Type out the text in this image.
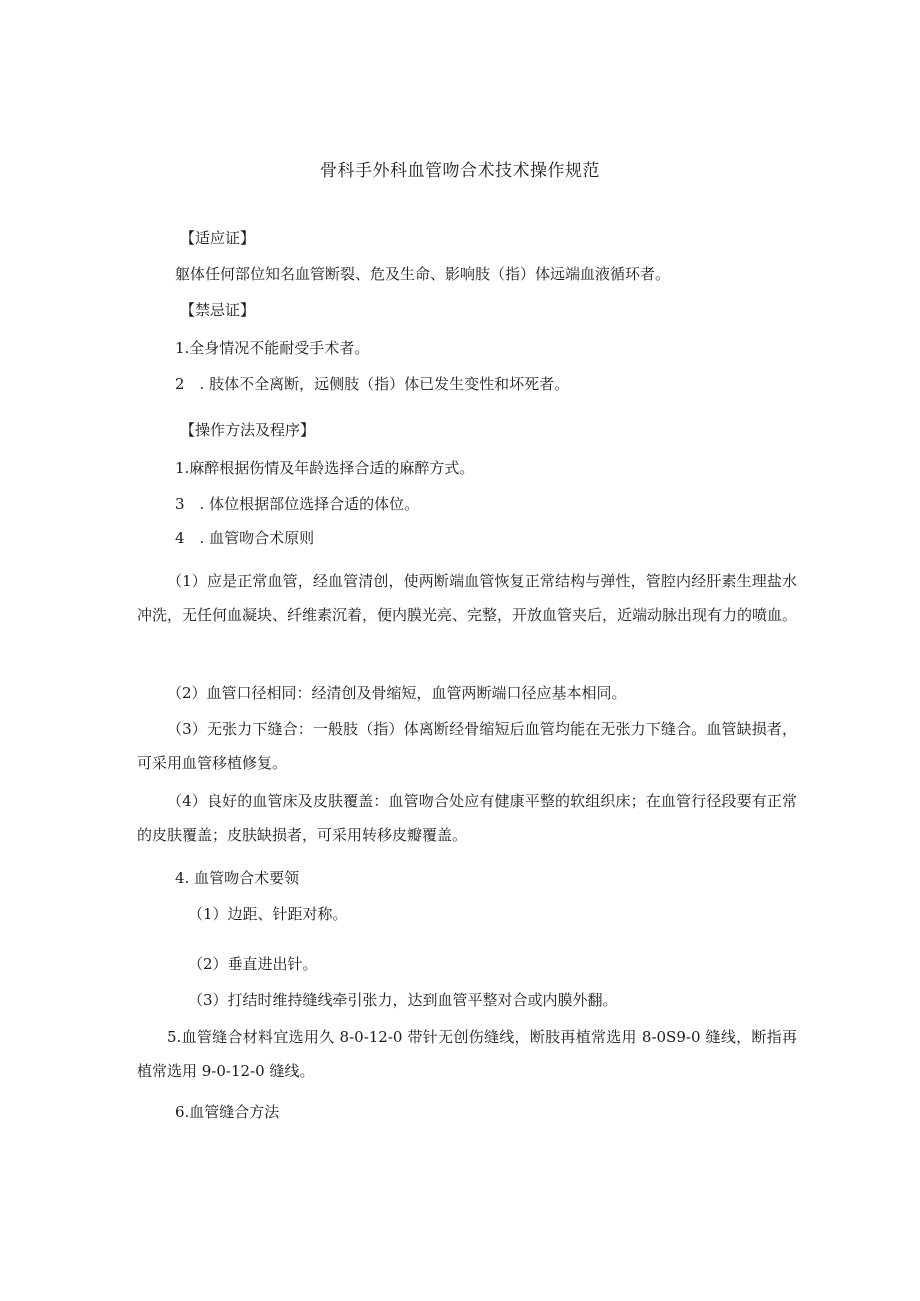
骨科手外科血管吻合术技术操作规范
【适应证】
躯体任何部位知名血管断裂、危及生命、影响肢（指）体远端血液循环者。
【禁忌证】
1.全身情况不能耐受手术者。
2　. 肢体不全离断，远侧肢（指）体已发生变性和坏死者。
【操作方法及程序】
1.麻醉根据伤情及年龄选择合适的麻醉方式。
3　. 体位根据部位选择合适的体位。
4　. 血管吻合术原则
（1）应是正常血管，经血管清创，使两断端血管恢复正常结构与弹性，管腔内经肝素生理盐水冲洗，无任何血凝块、纤维素沉着，便内膜光亮、完整，开放血管夹后，近端动脉出现有力的喷血。
（2）血管口径相同：经清创及骨缩短，血管两断端口径应基本相同。
（3）无张力下缝合：一般肢（指）体离断经骨缩短后血管均能在无张力下缝合。血管缺损者，可采用血管移植修复。
（4）良好的血管床及皮肤覆盖：血管吻合处应有健康平整的软组织床；在血管行径段要有正常的皮肤覆盖；皮肤缺损者，可采用转移皮瓣覆盖。
4. 血管吻合术要领
（1）边距、针距对称。
（2）垂直进出针。
（3）打结时维持缝线牵引张力，达到血管平整对合或内膜外翻。
5.血管缝合材料宜选用久 8-0-12-0 带针无创伤缝线，断肢再植常选用 8-0S9-0 缝线，断指再植常选用 9-0-12-0 缝线。
6.血管缝合方法
